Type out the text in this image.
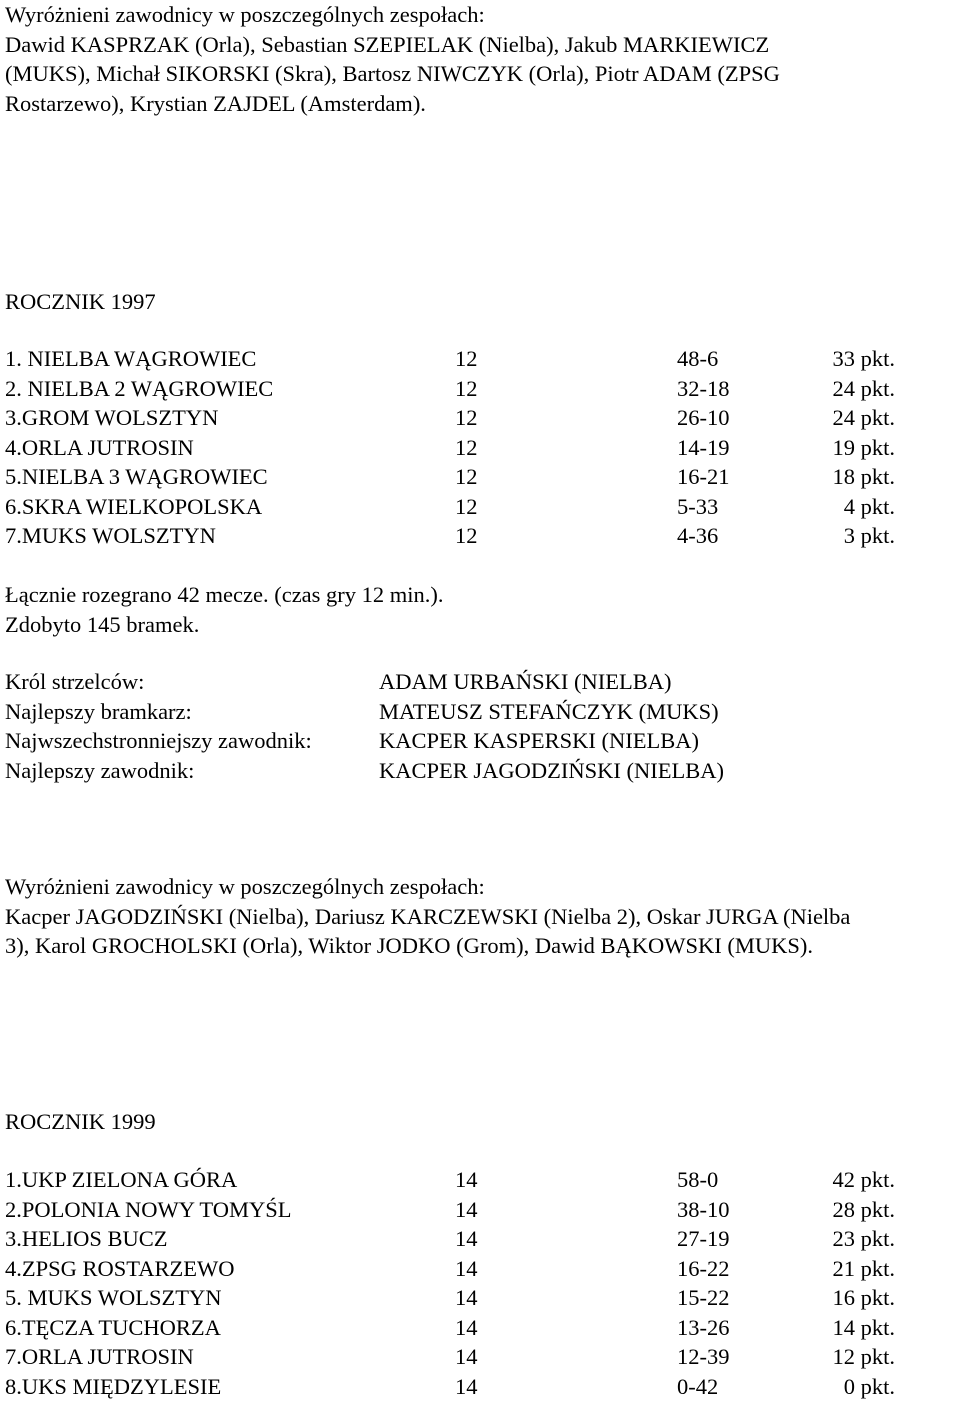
Wyróżnieni zawodnicy w poszczególnych zespołach:
Dawid KASPRZAK (Orla), Sebastian SZEPIELAK (Nielba), Jakub MARKIEWICZ
(MUKS), Michał SIKORSKI (Skra), Bartosz NIWCZYK (Orla), Piotr ADAM (ZPSG
Rostarzewo), Krystian ZAJDEL (Amsterdam).
ROCZNIK 1997
1. NIELBA WĄGROWIEC	12	48-6	33 pkt.
2. NIELBA 2 WĄGROWIEC	12	32-18	24 pkt.
3.GROM WOLSZTYN	12	26-10	24 pkt.
4.ORLA JUTROSIN	12	14-19	19 pkt.
5.NIELBA 3 WĄGROWIEC	12	16-21	18 pkt.
6.SKRA WIELKOPOLSKA	12	5-33	4 pkt.
7.MUKS WOLSZTYN	12	4-36	3 pkt.
Łącznie rozegrano 42 mecze. (czas gry 12 min.).
Zdobyto 145 bramek.
Król strzelców:	ADAM URBAŃSKI (NIELBA)
Najlepszy bramkarz:	MATEUSZ STEFAŃCZYK (MUKS)
Najwszechstronniejszy zawodnik:	KACPER KASPERSKI (NIELBA)
Najlepszy zawodnik:	KACPER JAGODZIŃSKI (NIELBA)
Wyróżnieni zawodnicy w poszczególnych zespołach:
Kacper JAGODZIŃSKI (Nielba), Dariusz KARCZEWSKI (Nielba 2), Oskar JURGA (Nielba
3), Karol GROCHOLSKI (Orla), Wiktor JODKO (Grom), Dawid BĄKOWSKI (MUKS).
ROCZNIK 1999
1.UKP ZIELONA GÓRA	14	58-0	42 pkt.
2.POLONIA NOWY TOMYŚL	14	38-10	28 pkt.
3.HELIOS BUCZ	14	27-19	23 pkt.
4.ZPSG ROSTARZEWO	14	16-22	21 pkt.
5. MUKS WOLSZTYN	14	15-22	16 pkt.
6.TĘCZA TUCHORZA	14	13-26	14 pkt.
7.ORLA JUTROSIN	14	12-39	12 pkt.
8.UKS MIĘDZYLESIE	14	0-42	0 pkt.
